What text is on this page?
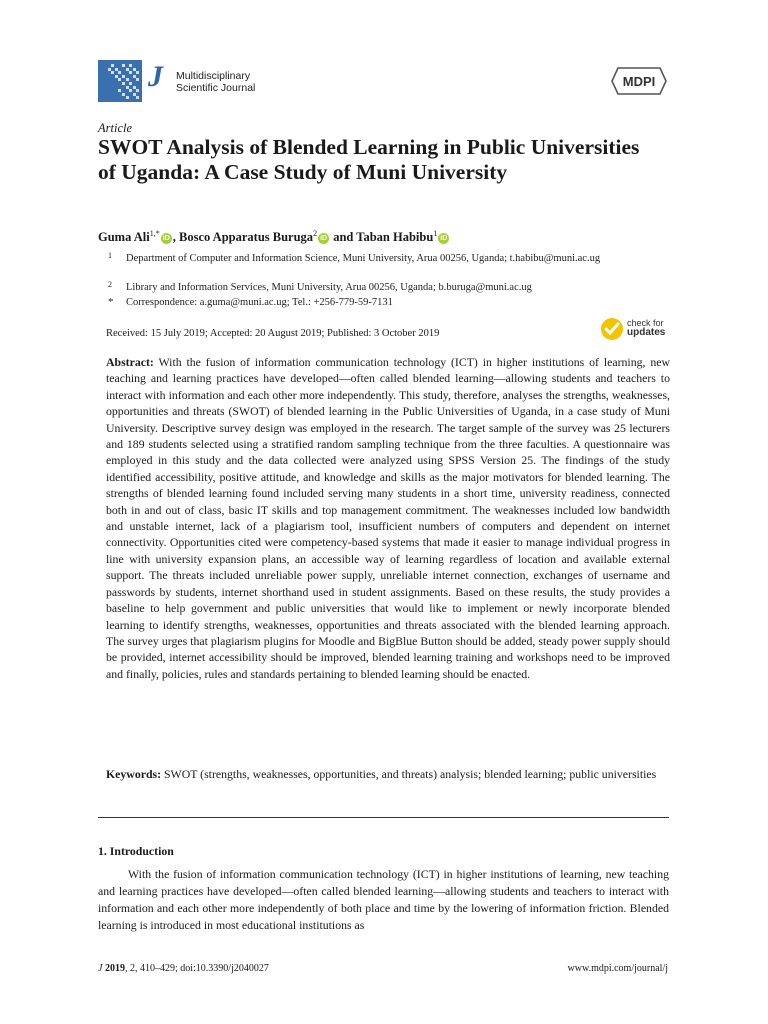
J Multidisciplinary
Scientific Journal	MDPI
Article
SWOT Analysis of Blended Learning in Public Universities of Uganda: A Case Study of Muni University
Guma Ali$^{1,*}$iD , Bosco Apparatus Buruga$^2$iD and Taban Habibu$^1$iD
1 Department of Computer and Information Science, Muni University, Arua 00256, Uganda; t.habibu@muni.ac.ug
2 Library and Information Services, Muni University, Arua 00256, Uganda; b.buruga@muni.ac.ug
* Correspondence: a.guma@muni.ac.ug; Tel.: +256-779-59-7131
Received: 15 July 2019; Accepted: 20 August 2019; Published: 3 October 2019
check for
updates
Abstract: With the fusion of information communication technology (ICT) in higher institutions of learning, new teaching and learning practices have developed—often called blended learning—allowing students and teachers to interact with information and each other more independently. This study, therefore, analyses the strengths, weaknesses, opportunities and threats (SWOT) of blended learning in the Public Universities of Uganda, in a case study of Muni University. Descriptive survey design was employed in the research. The target sample of the survey was 25 lecturers and 189 students selected using a stratified random sampling technique from the three faculties. A questionnaire was employed in this study and the data collected were analyzed using SPSS Version 25. The findings of the study identified accessibility, positive attitude, and knowledge and skills as the major motivators for blended learning. The strengths of blended learning found included serving many students in a short time, university readiness, connected both in and out of class, basic IT skills and top management commitment. The weaknesses included low bandwidth and unstable internet, lack of a plagiarism tool, insufficient numbers of computers and dependent on internet connectivity. Opportunities cited were competency-based systems that made it easier to manage individual progress in line with university expansion plans, an accessible way of learning regardless of location and available external support. The threats included unreliable power supply, unreliable internet connection, exchanges of username and passwords by students, internet shorthand used in student assignments. Based on these results, the study provides a baseline to help government and public universities that would like to implement or newly incorporate blended learning to identify strengths, weaknesses, opportunities and threats associated with the blended learning approach. The survey urges that plagiarism plugins for Moodle and BigBlue Button should be added, steady power supply should be provided, internet accessibility should be improved, blended learning training and workshops need to be improved and finally, policies, rules and standards pertaining to blended learning should be enacted.
Keywords: SWOT (strengths, weaknesses, opportunities, and threats) analysis; blended learning; public universities
1. Introduction
With the fusion of information communication technology (ICT) in higher institutions of learning, new teaching and learning practices have developed—often called blended learning—allowing students and teachers to interact with information and each other more independently of both place and time by the lowering of information friction. Blended learning is introduced in most educational institutions as
J 2019, 2, 410–429; doi:10.3390/j2040027	www.mdpi.com/journal/j
